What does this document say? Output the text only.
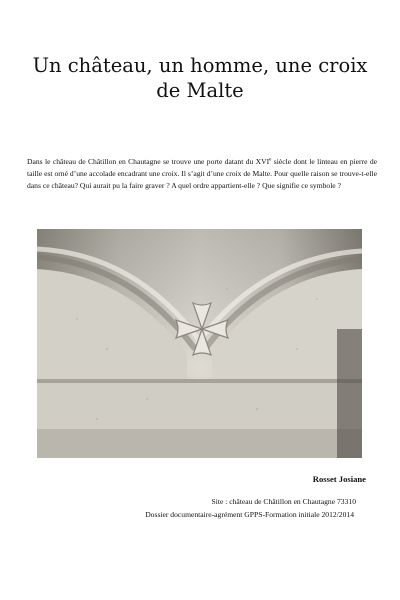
Un château, un homme, une croix de Malte

Dans le château de Châtillon en Chautagne se trouve une porte datant du XVIe siècle dont le linteau en pierre de taille est orné d’une accolade encadrant une croix. Il s’agit d’une croix de Malte. Pour quelle raison se trouve-t-elle dans ce château? Qui aurait pu la faire graver ? A quel ordre appartient-elle ? Que signifie ce symbole ?

Rosset Josiane
Site : château de Châtillon en Chautagne 73310
Dossier documentaire-agrément GPPS-Formation initiale 2012/2014
